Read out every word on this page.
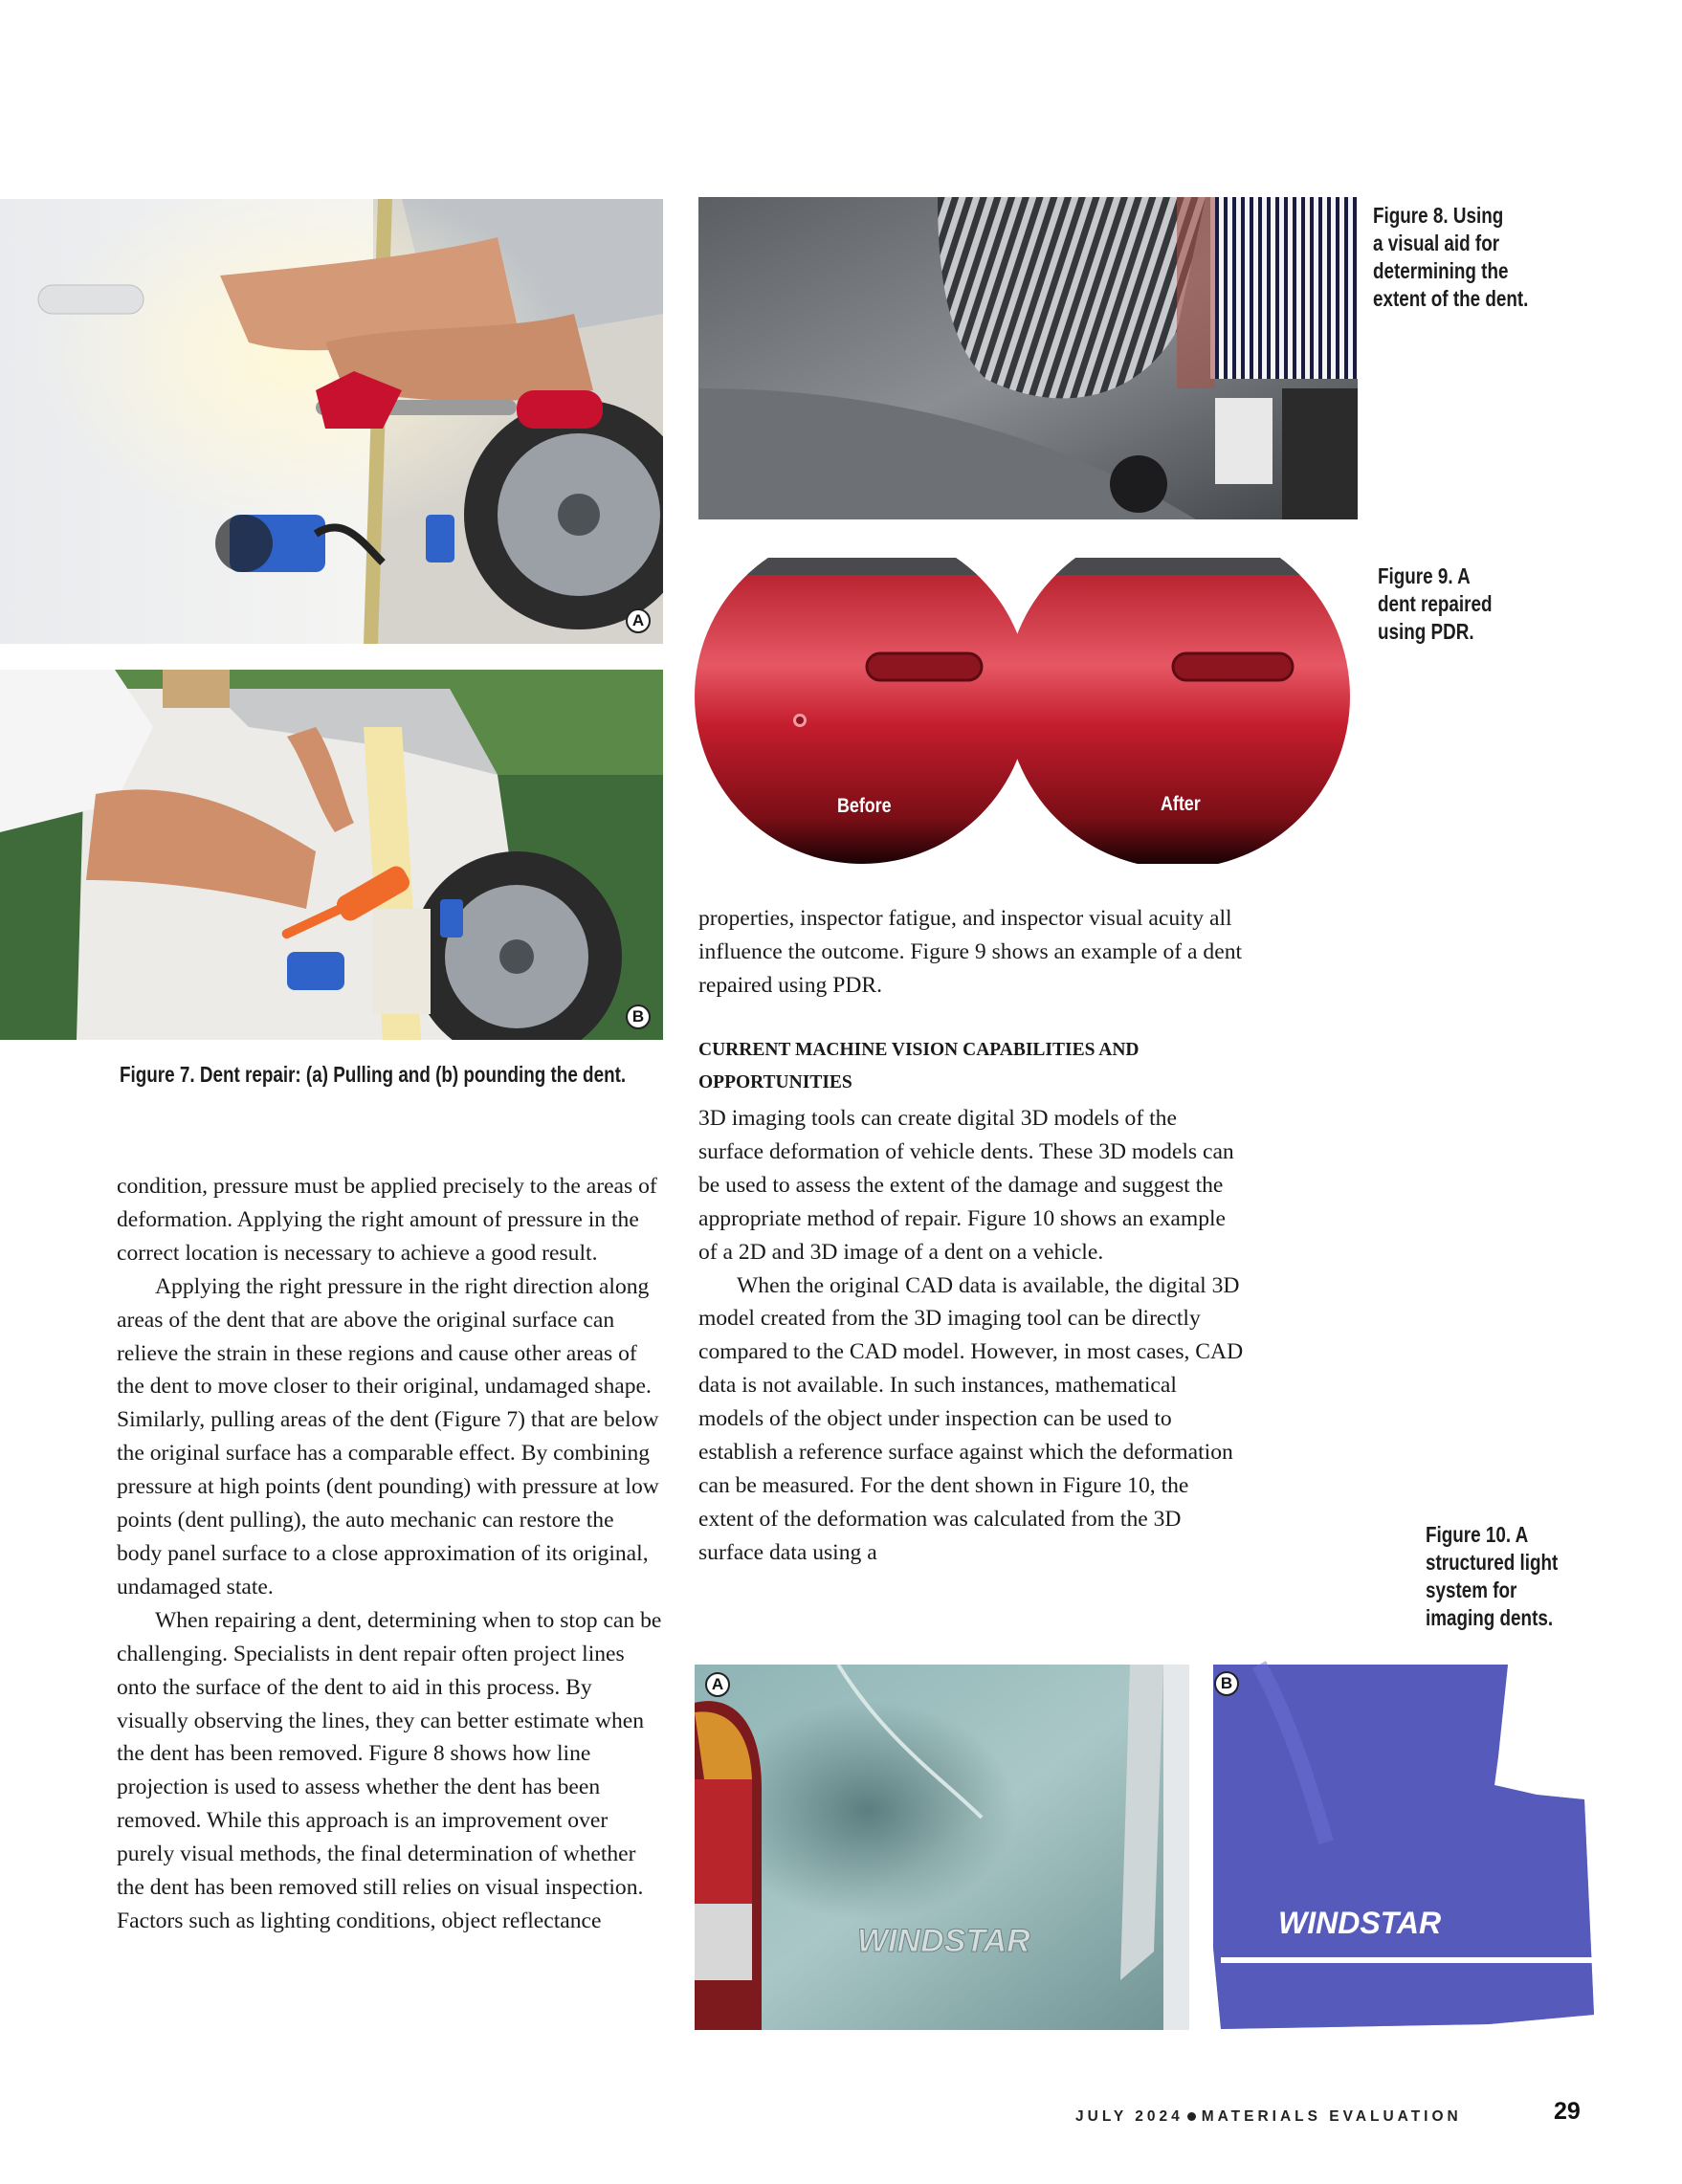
A
B
Figure 7. Dent repair: (a) Pulling and (b) pounding the dent.
Figure 8. Using
a visual aid for
determining the
extent of the dent.
Before	After
Figure 9. A
dent repaired
using PDR.

condition, pressure must be applied precisely to the areas of deformation. Applying the right amount of pressure in the correct location is necessary to achieve a good result.

Applying the right pressure in the right direction along areas of the dent that are above the original surface can relieve the strain in these regions and cause other areas of the dent to move closer to their original, undamaged shape. Similarly, pulling areas of the dent (Figure 7) that are below the original surface has a comparable effect. By combining pressure at high points (dent pounding) with pressure at low points (dent pulling), the auto mechanic can restore the body panel surface to a close approximation of its original, undamaged state.

When repairing a dent, determining when to stop can be challenging. Specialists in dent repair often project lines onto the surface of the dent to aid in this process. By visually observing the lines, they can better estimate when the dent has been removed. Figure 8 shows how line projection is used to assess whether the dent has been removed. While this approach is an improvement over purely visual methods, the final determination of whether the dent has been removed still relies on visual inspection. Factors such as lighting conditions, object reflectance

properties, inspector fatigue, and inspector visual acuity all influence the outcome. Figure 9 shows an example of a dent repaired using PDR.

CURRENT MACHINE VISION CAPABILITIES AND OPPORTUNITIES

3D imaging tools can create digital 3D models of the surface deformation of vehicle dents. These 3D models can be used to assess the extent of the damage and suggest the appropriate method of repair. Figure 10 shows an example of a 2D and 3D image of a dent on a vehicle.

When the original CAD data is available, the digital 3D model created from the 3D imaging tool can be directly compared to the CAD model. However, in most cases, CAD data is not available. In such instances, mathematical models of the object under inspection can be used to establish a reference surface against which the deformation can be measured. For the dent shown in Figure 10, the extent of the deformation was calculated from the 3D surface data using a

Figure 10. A
structured light
system for
imaging dents.
WINDSTAR
A
WINDSTAR
B
JULY 2024 MATERIALS EVALUATION	29
